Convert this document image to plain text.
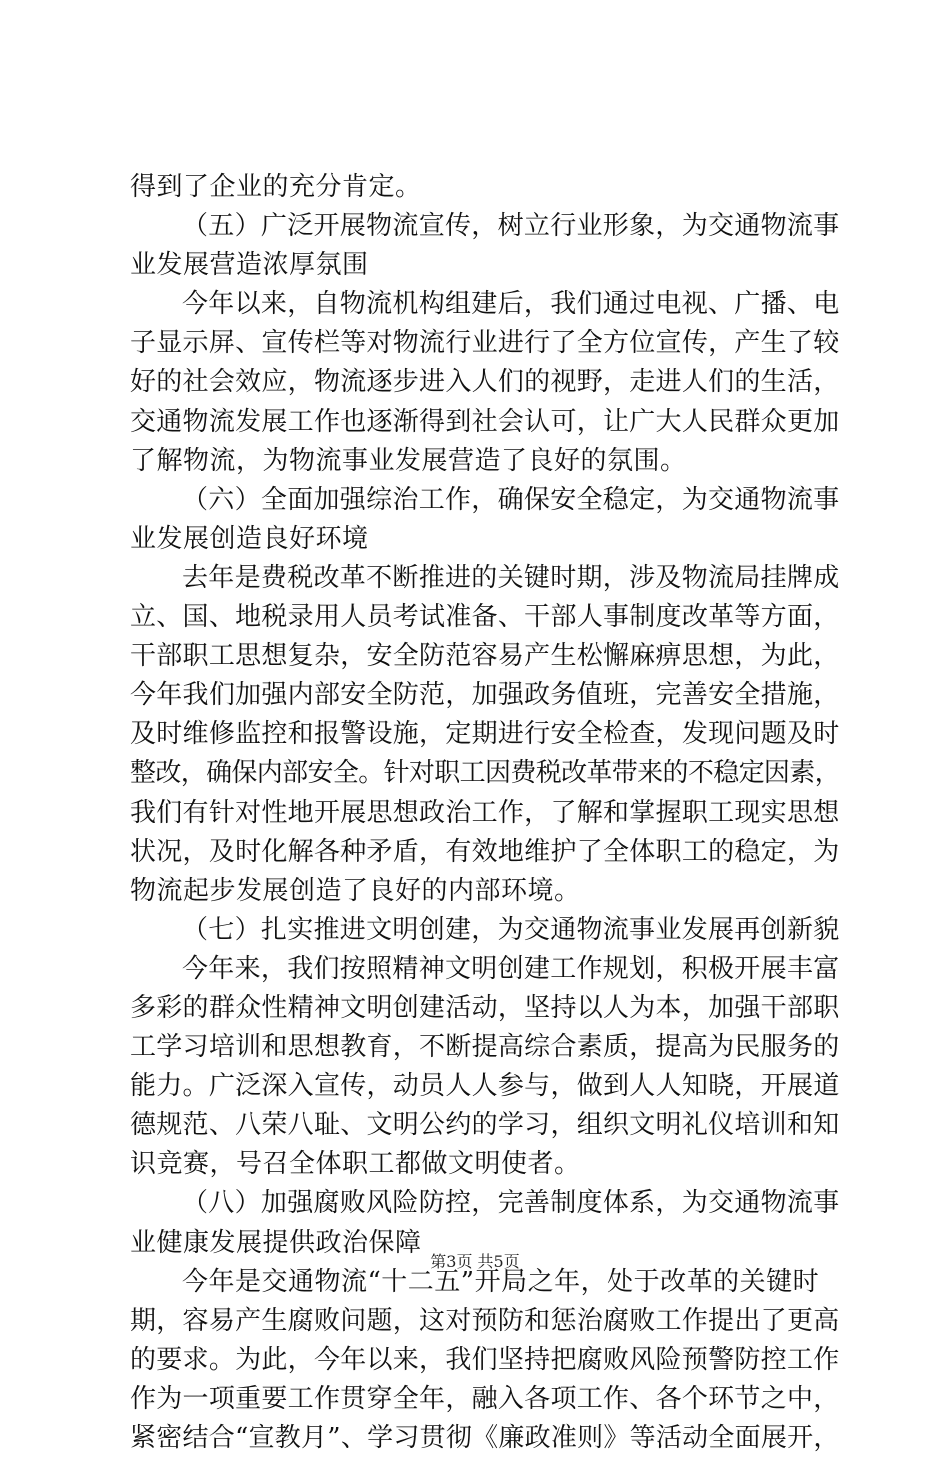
得到了企业的充分肯定。
（五）广泛开展物流宣传，树立行业形象，为交通物流事
业发展营造浓厚氛围
今年以来，自物流机构组建后，我们通过电视、广播、电
子显示屏、宣传栏等对物流行业进行了全方位宣传，产生了较
好的社会效应，物流逐步进入人们的视野，走进人们的生活，
交通物流发展工作也逐渐得到社会认可，让广大人民群众更加
了解物流，为物流事业发展营造了良好的氛围。
（六）全面加强综治工作，确保安全稳定，为交通物流事
业发展创造良好环境
去年是费税改革不断推进的关键时期，涉及物流局挂牌成
立、国、地税录用人员考试准备、干部人事制度改革等方面，
干部职工思想复杂，安全防范容易产生松懈麻痹思想，为此，
今年我们加强内部安全防范，加强政务值班，完善安全措施，
及时维修监控和报警设施，定期进行安全检查，发现问题及时
整改，确保内部安全。针对职工因费税改革带来的不稳定因素，
我们有针对性地开展思想政治工作，了解和掌握职工现实思想
状况，及时化解各种矛盾，有效地维护了全体职工的稳定，为
物流起步发展创造了良好的内部环境。
（七）扎实推进文明创建，为交通物流事业发展再创新貌
今年来，我们按照精神文明创建工作规划，积极开展丰富
多彩的群众性精神文明创建活动，坚持以人为本，加强干部职
工学习培训和思想教育，不断提高综合素质，提高为民服务的
能力。广泛深入宣传，动员人人参与，做到人人知晓，开展道
德规范、八荣八耻、文明公约的学习，组织文明礼仪培训和知
识竞赛，号召全体职工都做文明使者。
（八）加强腐败风险防控，完善制度体系，为交通物流事
业健康发展提供政治保障
今年是交通物流“十二五”开局之年，处于改革的关键时
期，容易产生腐败问题，这对预防和惩治腐败工作提出了更高
的要求。为此，今年以来，我们坚持把腐败风险预警防控工作
作为一项重要工作贯穿全年，融入各项工作、各个环节之中，
紧密结合“宣教月”、学习贯彻《廉政准则》等活动全面展开，
第3页 共5页
